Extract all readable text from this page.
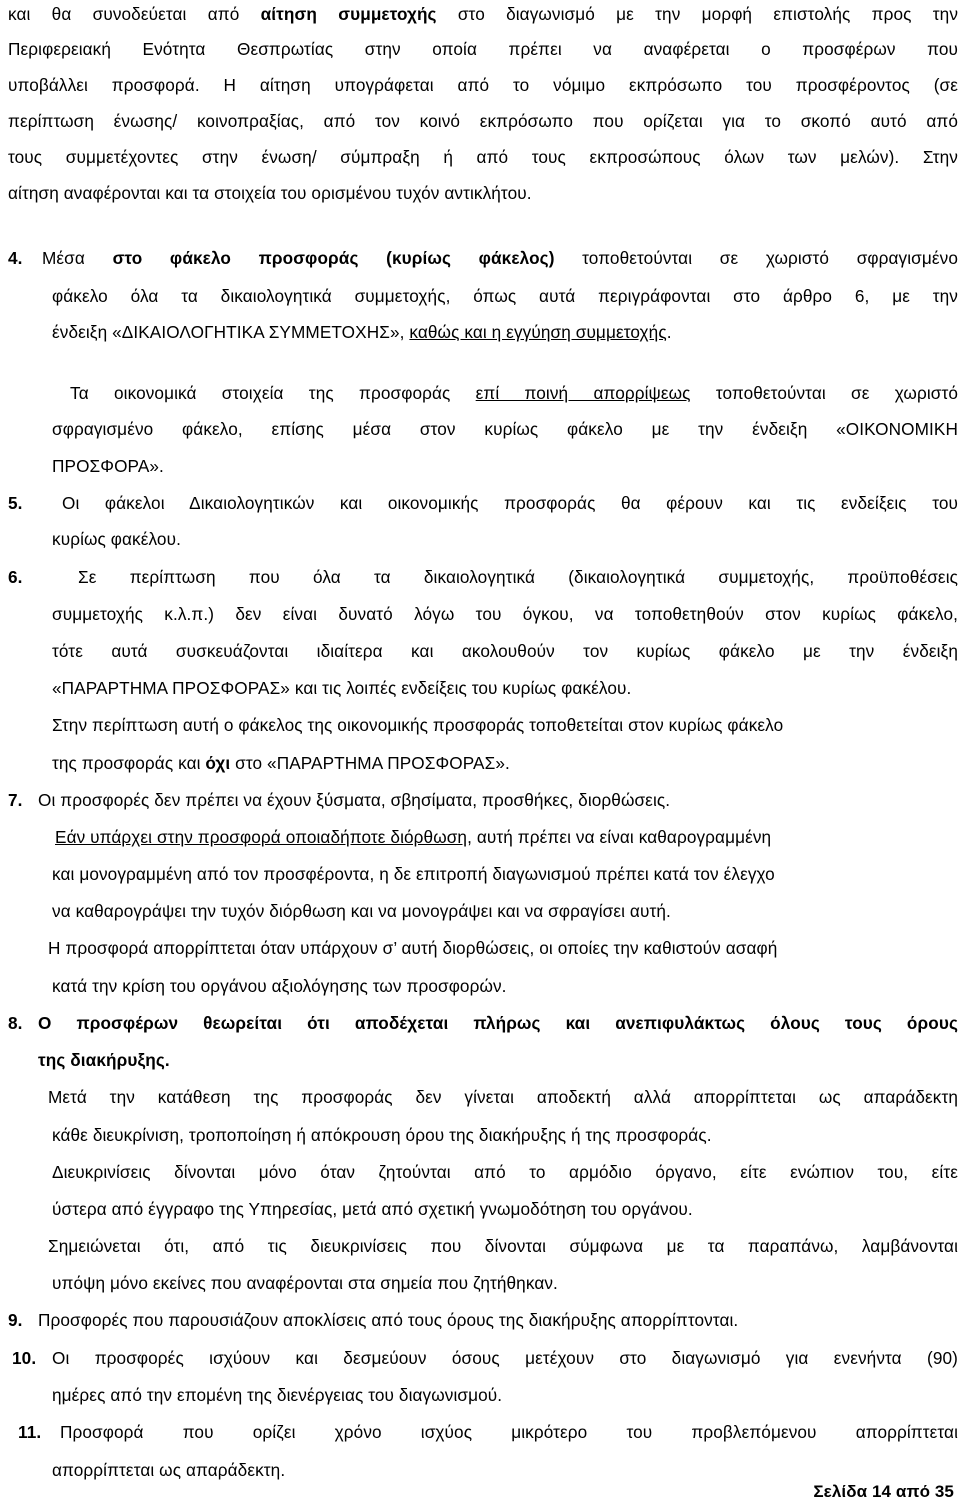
και θα συνοδεύεται από αίτηση συμμετοχής στο διαγωνισμό με την μορφή επιστολής προς την
Περιφερειακή Ενότητα Θεσπρωτίας στην οποία πρέπει να αναφέρεται ο προσφέρων που
υποβάλλει προσφορά. Η αίτηση υπογράφεται από το νόμιμο εκπρόσωπο του προσφέροντος (σε
περίπτωση ένωσης/ κοινοπραξίας, από τον κοινό εκπρόσωπο που ορίζεται για το σκοπό αυτό από
τους συμμετέχοντες στην ένωση/ σύμπραξη ή από τους εκπροσώπους όλων των μελών). Στην
αίτηση αναφέρονται και τα στοιχεία του ορισμένου τυχόν αντικλήτου.
4. Μέσα στο φάκελο προσφοράς (κυρίως φάκελος) τοποθετούνται σε χωριστό σφραγισμένο
φάκελο όλα τα δικαιολογητικά συμμετοχής, όπως αυτά περιγράφονται στο άρθρο 6, με την
ένδειξη «ΔΙΚΑΙΟΛΟΓΗΤΙΚΑ ΣΥΜΜΕΤΟΧΗΣ», καθώς και η εγγύηση συμμετοχής.
Τα οικονομικά στοιχεία της προσφοράς επί ποινή απορρίψεως τοποθετούνται σε χωριστό
σφραγισμένο φάκελο, επίσης μέσα στον κυρίως φάκελο με την ένδειξη «ΟΙΚΟΝΟΜΙΚΗ
ΠΡΟΣΦΟΡΑ».
5. Οι φάκελοι Δικαιολογητικών και οικονομικής προσφοράς θα φέρουν και τις ενδείξεις του
κυρίως φακέλου.
6.	Σε περίπτωση που όλα τα δικαιολογητικά (δικαιολογητικά συμμετοχής, προϋποθέσεις
συμμετοχής κ.λ.π.) δεν είναι δυνατό λόγω του όγκου, να τοποθετηθούν στον κυρίως φάκελο,
τότε αυτά συσκευάζονται ιδιαίτερα και ακολουθούν τον κυρίως φάκελο με την ένδειξη
«ΠΑΡΑΡΤΗΜΑ ΠΡΟΣΦΟΡΑΣ» και τις λοιπές ενδείξεις του κυρίως φακέλου.
Στην περίπτωση αυτή ο φάκελος της οικονομικής προσφοράς τοποθετείται στον κυρίως φάκελο
της προσφοράς και όχι στο «ΠΑΡΑΡΤΗΜΑ ΠΡΟΣΦΟΡΑΣ».
7. Οι προσφορές δεν πρέπει να έχουν ξύσματα, σβησίματα, προσθήκες, διορθώσεις.
Εάν υπάρχει στην προσφορά οποιαδήποτε διόρθωση, αυτή πρέπει να είναι καθαρογραμμένη
και μονογραμμένη από τον προσφέροντα, η δε επιτροπή διαγωνισμού πρέπει κατά τον έλεγχο
να καθαρογράψει την τυχόν διόρθωση και να μονογράψει και να σφραγίσει αυτή.
Η προσφορά απορρίπτεται όταν υπάρχουν σ’ αυτή διορθώσεις, οι οποίες την καθιστούν ασαφή
κατά την κρίση του οργάνου αξιολόγησης των προσφορών.
8. Ο προσφέρων θεωρείται ότι αποδέχεται πλήρως και ανεπιφυλάκτως όλους τους όρους
της διακήρυξης.
Μετά την κατάθεση της προσφοράς δεν γίνεται αποδεκτή αλλά απορρίπτεται ως απαράδεκτη
κάθε διευκρίνιση, τροποποίηση ή απόκρουση όρου της διακήρυξης ή της προσφοράς.
Διευκρινίσεις δίνονται μόνο όταν ζητούνται από το αρμόδιο όργανο, είτε ενώπιον του, είτε
ύστερα από έγγραφο της Υπηρεσίας, μετά από σχετική γνωμοδότηση του οργάνου.
Σημειώνεται ότι, από τις διευκρινίσεις που δίνονται σύμφωνα με τα παραπάνω, λαμβάνονται
υπόψη μόνο εκείνες που αναφέρονται στα σημεία που ζητήθηκαν.
9. Προσφορές που παρουσιάζουν αποκλίσεις από τους όρους της διακήρυξης απορρίπτονται.
10. Οι προσφορές ισχύουν και δεσμεύουν όσους μετέχουν στο διαγωνισμό για ενενήντα (90)
ημέρες από την επομένη της διενέργειας του διαγωνισμού.
11. Προσφορά που ορίζει χρόνο ισχύος μικρότερο του προβλεπόμενου απορρίπτεται
απορρίπτεται ως απαράδεκτη.
Σελίδα 14 από 35
